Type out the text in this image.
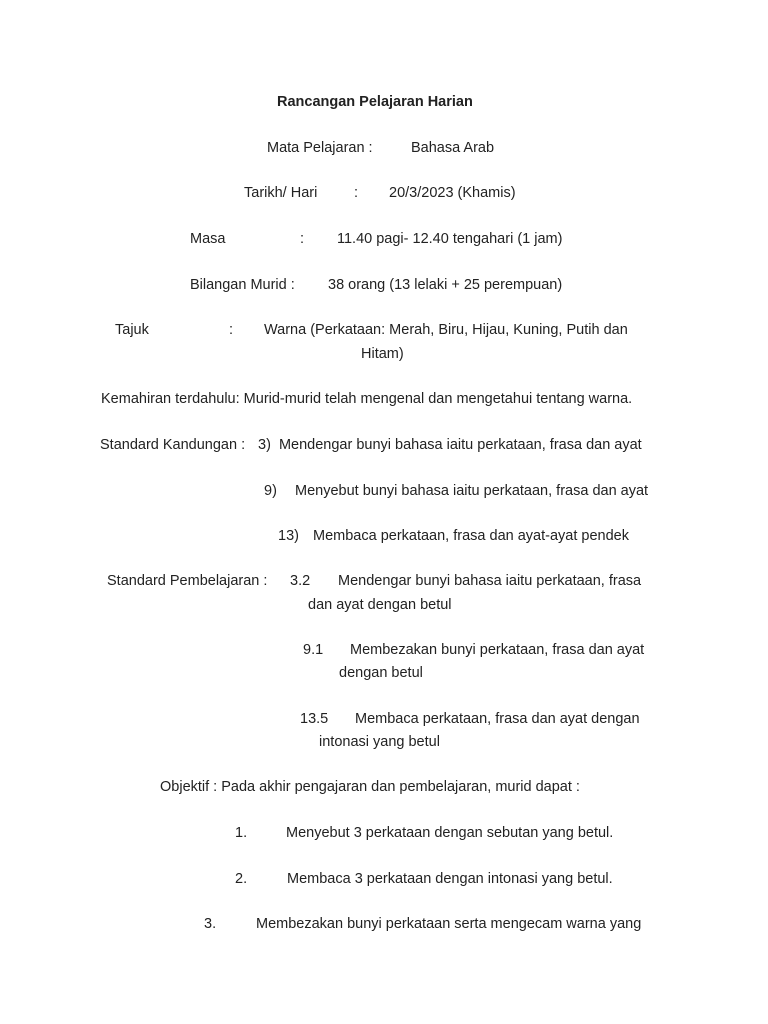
Rancangan Pelajaran Harian
Mata Pelajaran :	Bahasa Arab
Tarikh/ Hari	: 20/3/2023 (Khamis)
Masa	: 11.40 pagi- 12.40 tengahari (1 jam)
Bilangan Murid : 38 orang (13 lelaki + 25 perempuan)
Tajuk	: Warna (Perkataan: Merah, Biru, Hijau, Kuning, Putih dan
Hitam)
Kemahiran terdahulu: Murid-murid telah mengenal dan mengetahui tentang warna.
Standard Kandungan : 3)  Mendengar bunyi bahasa iaitu perkataan, frasa dan ayat
9) Menyebut bunyi bahasa iaitu perkataan, frasa dan ayat
13) Membaca perkataan, frasa dan ayat-ayat pendek
Standard Pembelajaran : 3.2 Mendengar bunyi bahasa iaitu perkataan, frasa
dan ayat dengan betul
9.1 Membezakan bunyi perkataan, frasa dan ayat
dengan betul
13.5 Membaca perkataan, frasa dan ayat dengan
intonasi yang betul
Objektif : Pada akhir pengajaran dan pembelajaran, murid dapat :
1.	Menyebut 3 perkataan dengan sebutan yang betul.
2.	Membaca 3 perkataan dengan intonasi yang betul.
3.	Membezakan bunyi perkataan serta mengecam warna yang
